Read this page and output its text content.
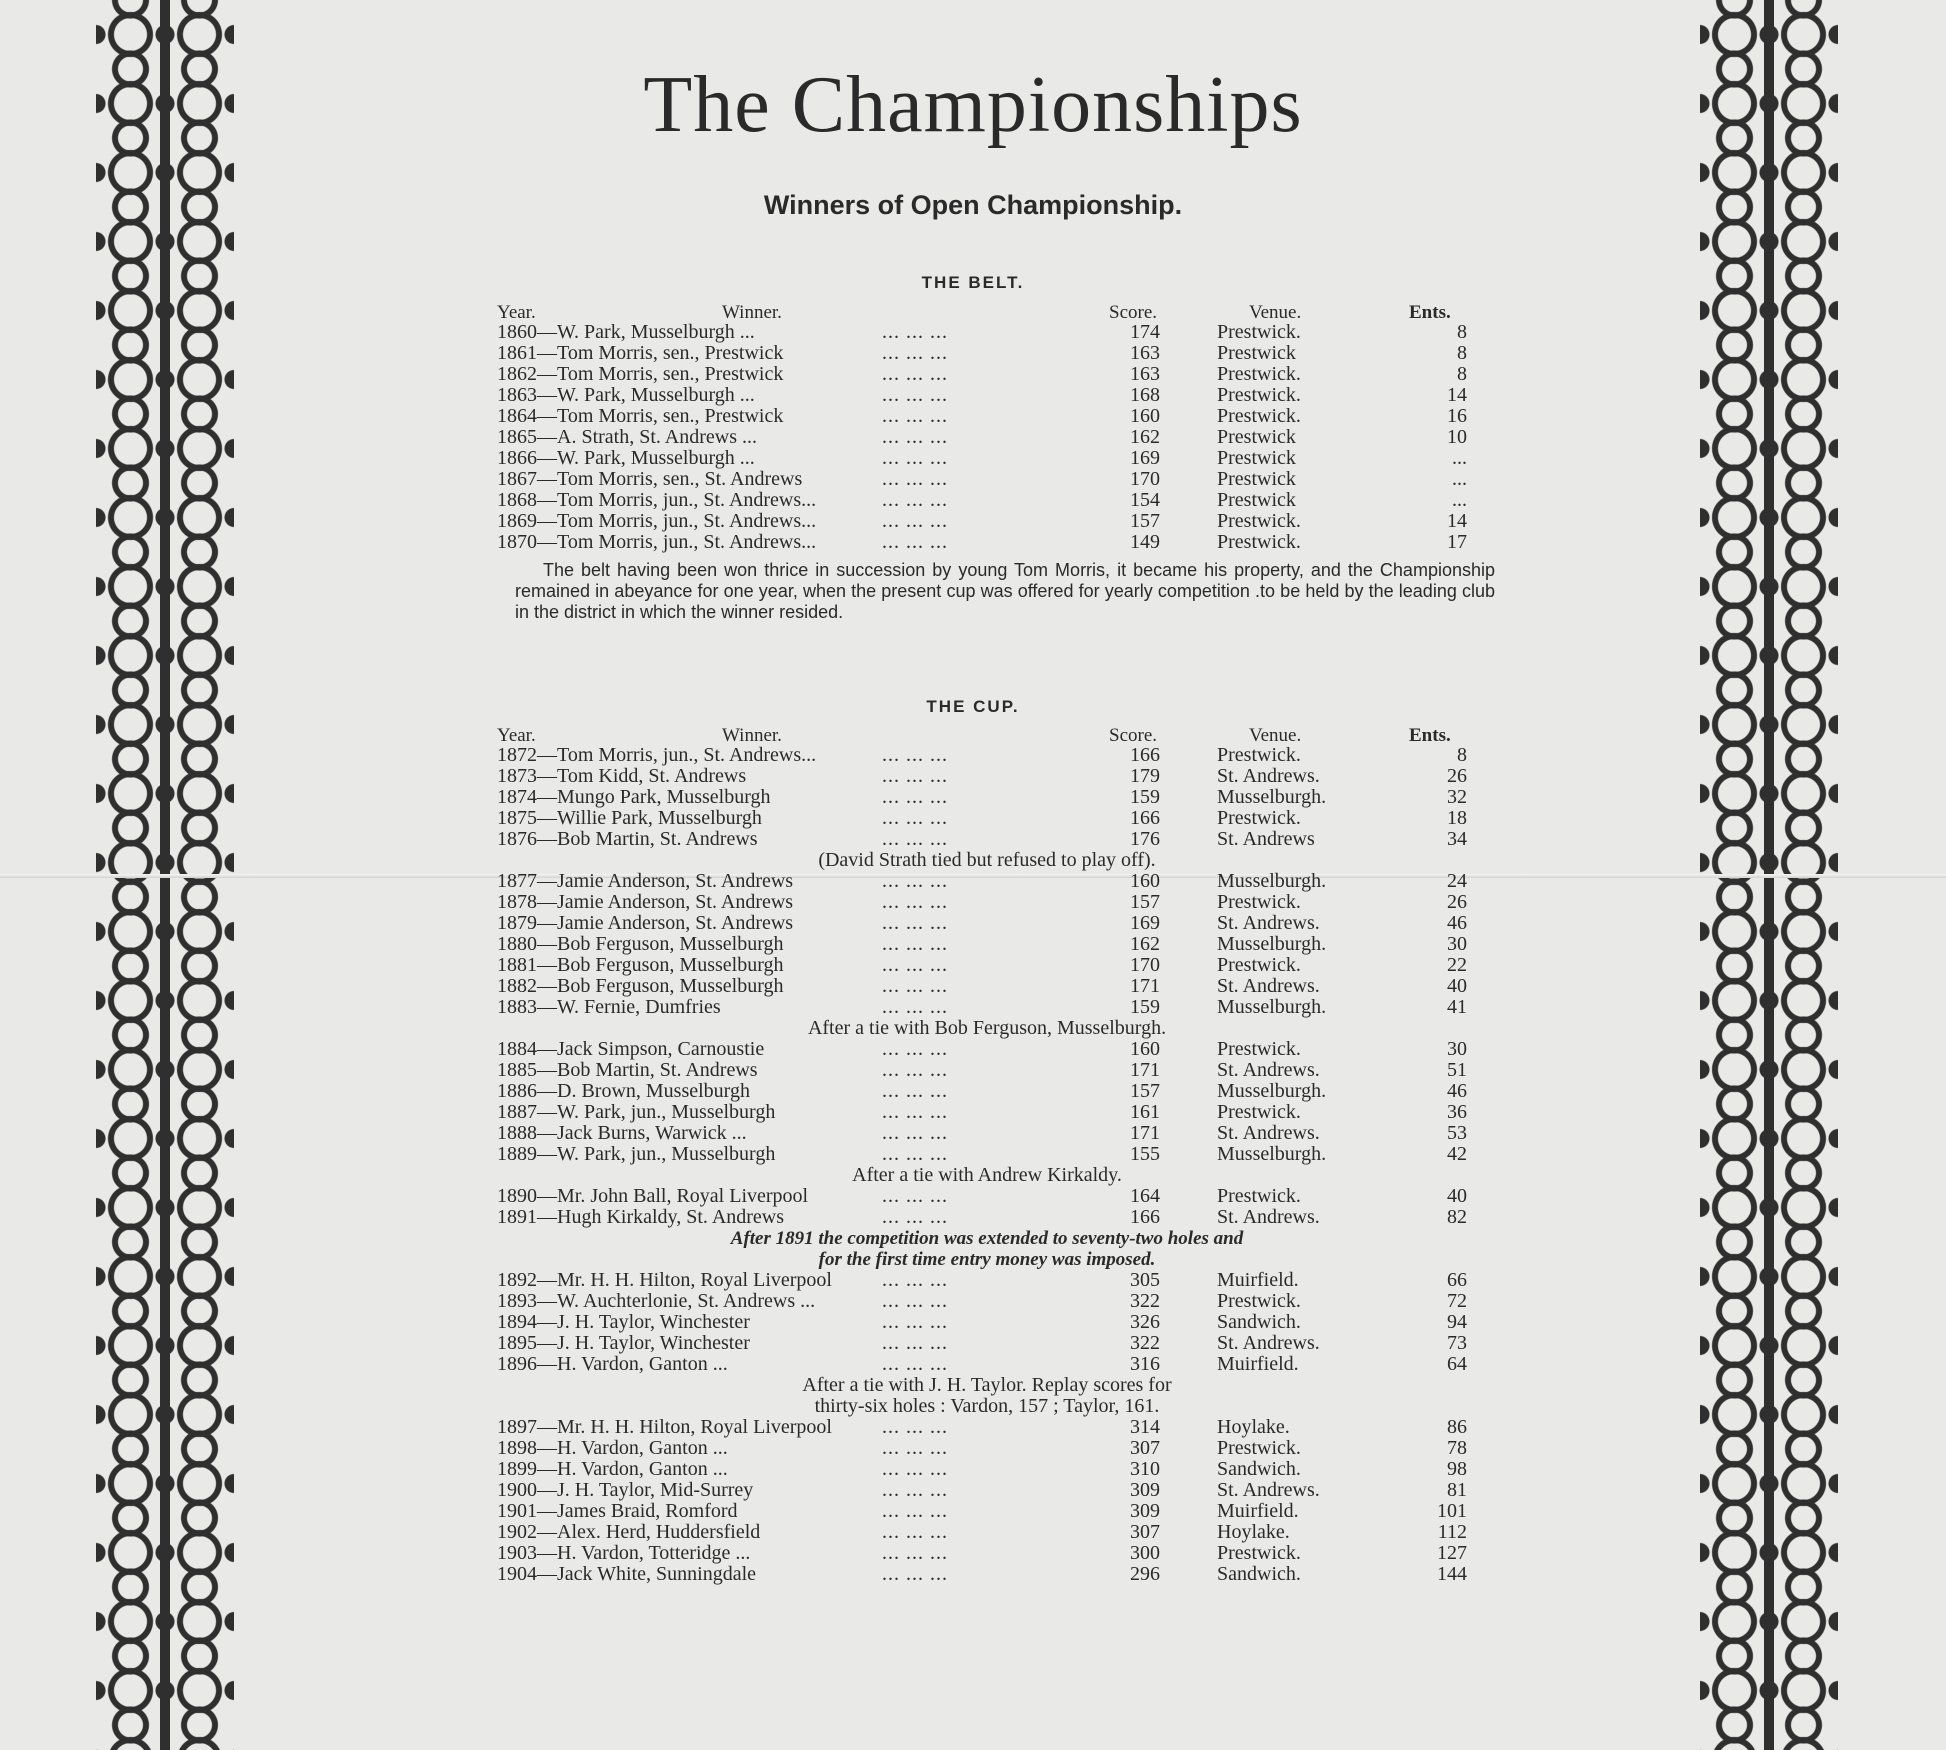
The Championships
Winners of Open Championship.
THE BELT.
Year.	Winner.	Score.	Venue.	Ents.
1860—W. Park, Musselburgh ...	... ... ...	174	Prestwick.	8
1861—Tom Morris, sen., Prestwick	... ... ...	163	Prestwick	8
1862—Tom Morris, sen., Prestwick	... ... ...	163	Prestwick.	8
1863—W. Park, Musselburgh ...	... ... ...	168	Prestwick.	14
1864—Tom Morris, sen., Prestwick	... ... ...	160	Prestwick.	16
1865—A. Strath, St. Andrews ...	... ... ...	162	Prestwick	10
1866—W. Park, Musselburgh ...	... ... ...	169	Prestwick	...
1867—Tom Morris, sen., St. Andrews	... ... ...	170	Prestwick	...
1868—Tom Morris, jun., St. Andrews...	... ... ...	154	Prestwick	...
1869—Tom Morris, jun., St. Andrews...	... ... ...	157	Prestwick.	14
1870—Tom Morris, jun., St. Andrews...	... ... ...	149	Prestwick.	17
The belt having been won thrice in succession by young Tom Morris, it became his property, and the Championship remained in abeyance for one year, when the present cup was offered for yearly competition .to be held by the leading club in the district in which the winner resided.
THE CUP.
Year.	Winner.	Score.	Venue.	Ents.
1872—Tom Morris, jun., St. Andrews...	... ... ...	166	Prestwick.	8
1873—Tom Kidd, St. Andrews	... ... ...	179	St. Andrews.	26
1874—Mungo Park, Musselburgh	... ... ...	159	Musselburgh.	32
1875—Willie Park, Musselburgh	... ... ...	166	Prestwick.	18
1876—Bob Martin, St. Andrews	... ... ...	176	St. Andrews	34
(David Strath tied but refused to play off).
1877—Jamie Anderson, St. Andrews	... ... ...	160	Musselburgh.	24
1878—Jamie Anderson, St. Andrews	... ... ...	157	Prestwick.	26
1879—Jamie Anderson, St. Andrews	... ... ...	169	St. Andrews.	46
1880—Bob Ferguson, Musselburgh	... ... ...	162	Musselburgh.	30
1881—Bob Ferguson, Musselburgh	... ... ...	170	Prestwick.	22
1882—Bob Ferguson, Musselburgh	... ... ...	171	St. Andrews.	40
1883—W. Fernie, Dumfries	... ... ...	159	Musselburgh.	41
After a tie with Bob Ferguson, Musselburgh.
1884—Jack Simpson, Carnoustie	... ... ...	160	Prestwick.	30
1885—Bob Martin, St. Andrews	... ... ...	171	St. Andrews.	51
1886—D. Brown, Musselburgh	... ... ...	157	Musselburgh.	46
1887—W. Park, jun., Musselburgh	... ... ...	161	Prestwick.	36
1888—Jack Burns, Warwick ...	... ... ...	171	St. Andrews.	53
1889—W. Park, jun., Musselburgh	... ... ...	155	Musselburgh.	42
After a tie with Andrew Kirkaldy.
1890—Mr. John Ball, Royal Liverpool	... ... ...	164	Prestwick.	40
1891—Hugh Kirkaldy, St. Andrews	... ... ...	166	St. Andrews.	82
After 1891 the competition was extended to seventy-two holes and
for the first time entry money was imposed.
1892—Mr. H. H. Hilton, Royal Liverpool	... ... ...	305	Muirfield.	66
1893—W. Auchterlonie, St. Andrews ...	... ... ...	322	Prestwick.	72
1894—J. H. Taylor, Winchester	... ... ...	326	Sandwich.	94
1895—J. H. Taylor, Winchester	... ... ...	322	St. Andrews.	73
1896—H. Vardon, Ganton ...	... ... ...	316	Muirfield.	64
After a tie with J. H. Taylor. Replay scores for
thirty-six holes : Vardon, 157 ; Taylor, 161.
1897—Mr. H. H. Hilton, Royal Liverpool	... ... ...	314	Hoylake.	86
1898—H. Vardon, Ganton ...	... ... ...	307	Prestwick.	78
1899—H. Vardon, Ganton ...	... ... ...	310	Sandwich.	98
1900—J. H. Taylor, Mid-Surrey	... ... ...	309	St. Andrews.	81
1901—James Braid, Romford	... ... ...	309	Muirfield.	101
1902—Alex. Herd, Huddersfield	... ... ...	307	Hoylake.	112
1903—H. Vardon, Totteridge ...	... ... ...	300	Prestwick.	127
1904—Jack White, Sunningdale	... ... ...	296	Sandwich.	144
